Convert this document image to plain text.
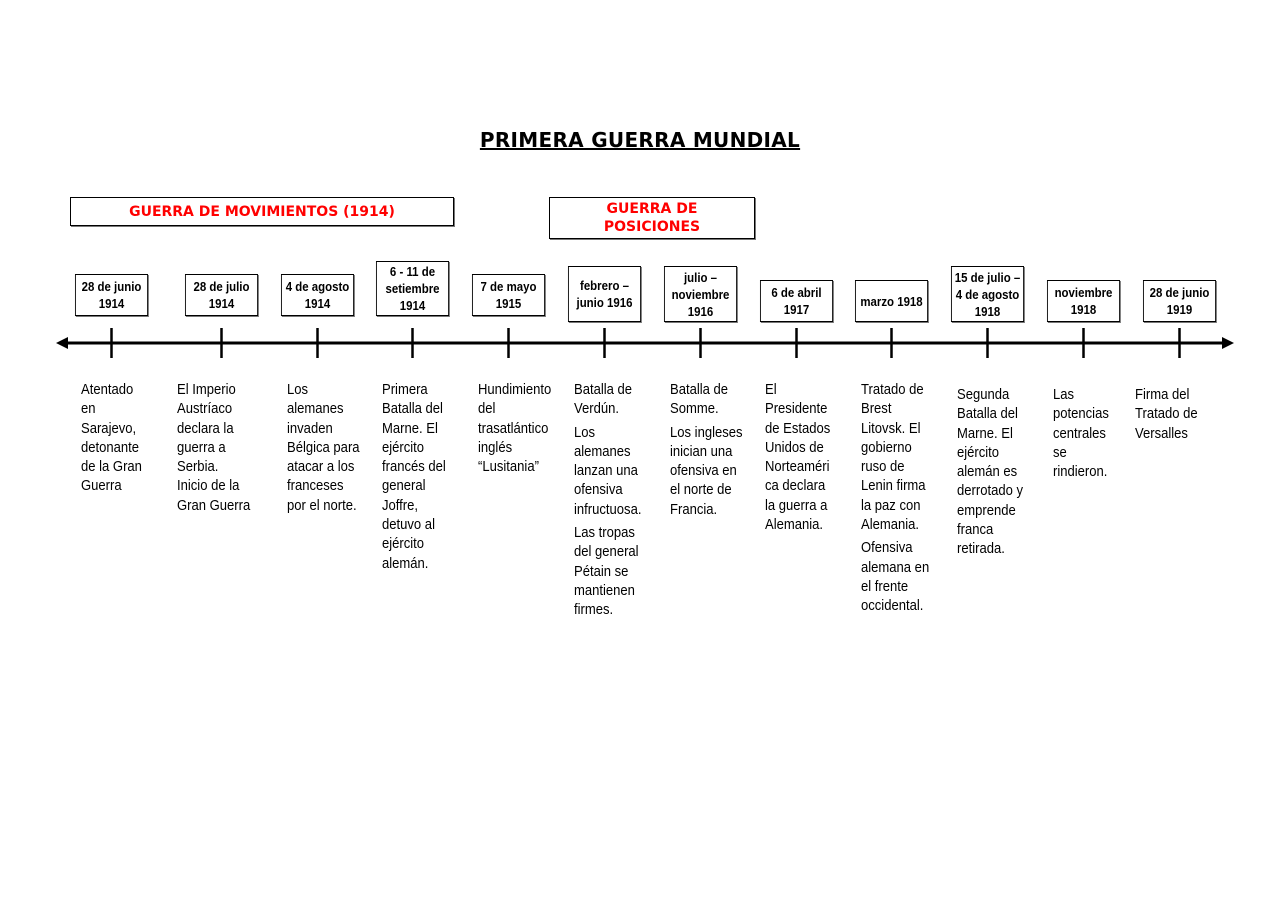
PRIMERA GUERRA MUNDIAL
GUERRA DE MOVIMIENTOS (1914)	GUERRA DE POSICIONES
28 de junio 1914
28 de julio 1914
4 de agosto 1914
6 - 11 de setiembre 1914
7 de mayo 1915
febrero – junio 1916
julio – noviembre 1916
6 de abril 1917
marzo 1918
15 de julio – 4 de agosto 1918
noviembre 1918
28 de junio 1919

Atentado en Sarajevo, detonante de la Gran Guerra

El Imperio Austríaco declara la guerra a Serbia. Inicio de la Gran Guerra

Los alemanes invaden Bélgica para atacar a los franceses por el norte.

Primera Batalla del Marne. El ejército francés del general Joffre, detuvo al ejército alemán.

Hundimiento del trasatlántico inglés “Lusitania”

Batalla de Verdún.

Los alemanes lanzan una ofensiva infructuosa.

Las tropas del general Pétain se mantienen firmes.

Batalla de Somme.

Los ingleses inician una ofensiva en el norte de Francia.

El Presidente de Estados Unidos de Norteaméri ca declara la guerra a Alemania.

Tratado de Brest Litovsk. El gobierno ruso de Lenin firma la paz con Alemania.

Ofensiva alemana en el frente occidental.

Segunda Batalla del Marne. El ejército alemán es derrotado y emprende franca retirada.

Las potencias centrales se rindieron.

Firma del Tratado de Versalles
